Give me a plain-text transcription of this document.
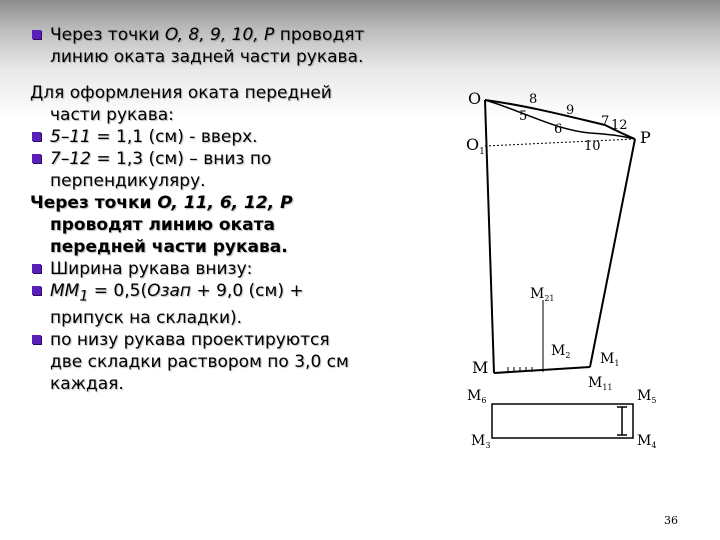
Через точки O, 8, 9, 10, P проводят
линию оката задней части рукава.
Для оформления оката передней
части рукава:
5–11 = 1,1 (см) - вверх.
7–12 = 1,3 (см) – вниз по
перпендикуляру.
Через точки O, 11, 6, 12, P
проводят линию оката
передней части рукава.
Ширина рукава внизу:
$MM_1$ = 0,5(Озап + 9,0 (см) +
припуск на складки).
по низу рукава проектируются
две складки раствором по 3,0 см
каждая.
O
$O_1$
P
8
9
5
6
7 12
10
$M_{21}$
M
$M_2$ $M_1$
$M_{11}$
$M_6$	$M_5$
$M_3$	$M_4$
36
